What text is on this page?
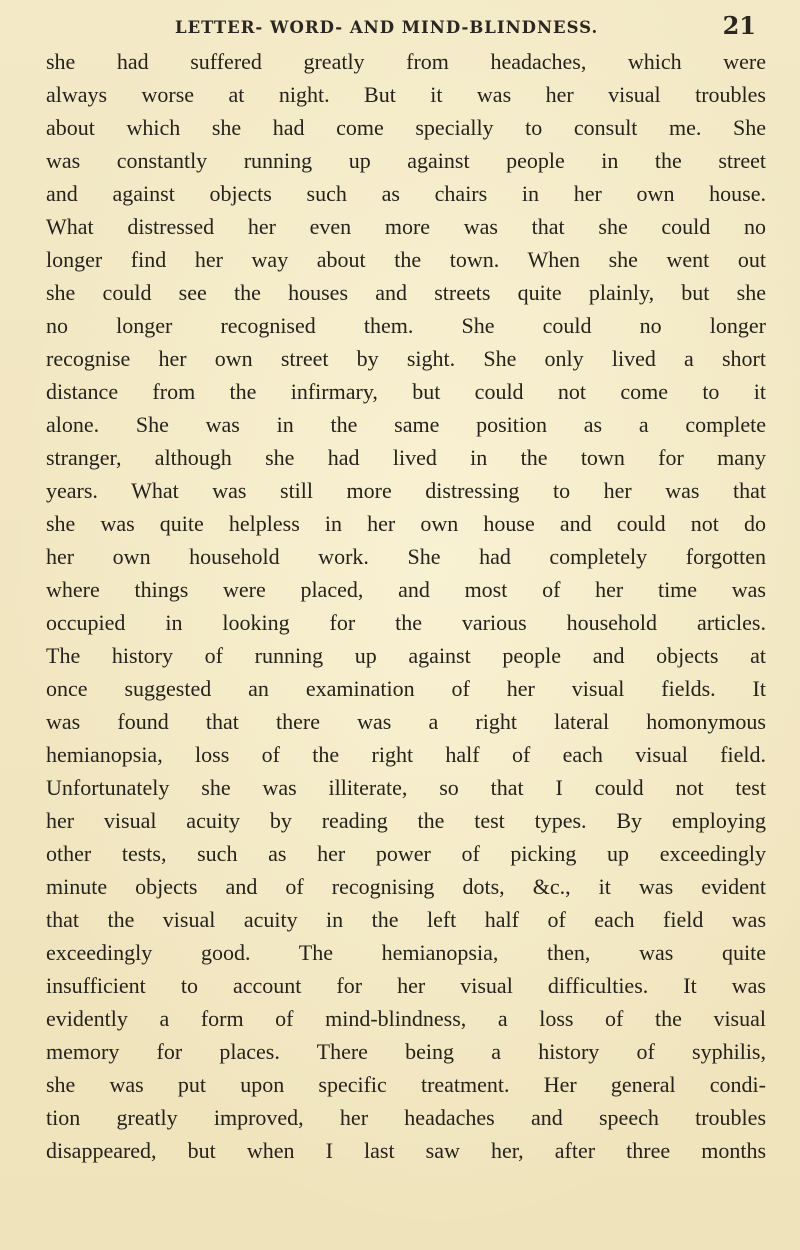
LETTER- WORD- AND MIND-BLINDNESS.	21
she had suffered greatly from headaches, which were
always worse at night. But it was her visual troubles
about which she had come specially to consult me. She
was constantly running up against people in the street
and against objects such as chairs in her own house.
What distressed her even more was that she could no
longer find her way about the town. When she went out
she could see the houses and streets quite plainly, but she
no longer recognised them. She could no longer
recognise her own street by sight. She only lived a short
distance from the infirmary, but could not come to it
alone. She was in the same position as a complete
stranger, although she had lived in the town for many
years. What was still more distressing to her was that
she was quite helpless in her own house and could not do
her own household work. She had completely forgotten
where things were placed, and most of her time was
occupied in looking for the various household articles.
The history of running up against people and objects at
once suggested an examination of her visual fields. It
was found that there was a right lateral homonymous
hemianopsia, loss of the right half of each visual field.
Unfortunately she was illiterate, so that I could not test
her visual acuity by reading the test types. By employing
other tests, such as her power of picking up exceedingly
minute objects and of recognising dots, &c., it was evident
that the visual acuity in the left half of each field was
exceedingly good. The hemianopsia, then, was quite
insufficient to account for her visual difficulties. It was
evidently a form of mind-blindness, a loss of the visual
memory for places. There being a history of syphilis,
she was put upon specific treatment. Her general condi-
tion greatly improved, her headaches and speech troubles
disappeared, but when I last saw her, after three months
